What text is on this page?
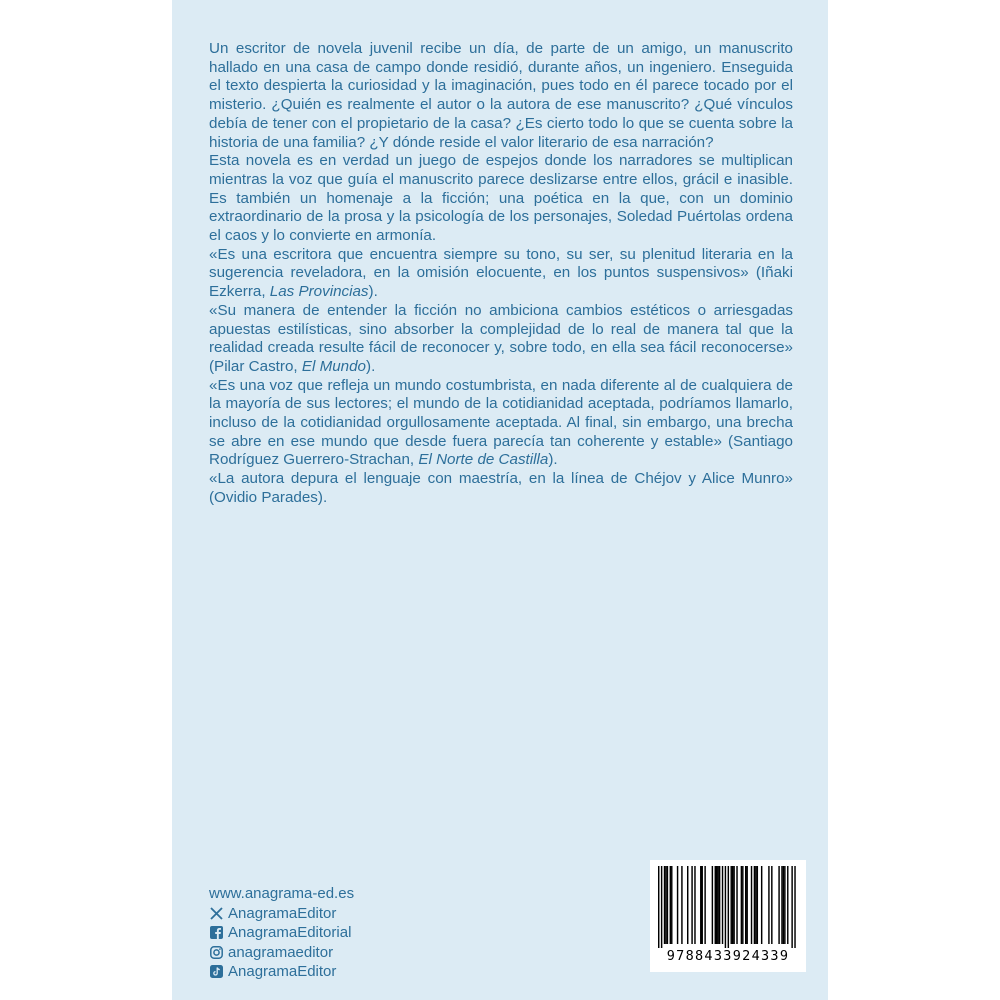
Un escritor de novela juvenil recibe un día, de parte de un amigo, un manuscrito hallado en una casa de campo donde residió, durante años, un ingeniero. Enseguida el texto despierta la curiosidad y la imaginación, pues todo en él parece tocado por el misterio. ¿Quién es realmente el autor o la autora de ese manuscrito? ¿Qué vínculos debía de tener con el propietario de la casa? ¿Es cierto todo lo que se cuenta sobre la historia de una familia? ¿Y dónde reside el valor literario de esa narración?

Esta novela es en verdad un juego de espejos donde los narradores se multiplican mientras la voz que guía el manuscrito parece deslizarse entre ellos, grácil e inasible. Es también un homenaje a la ficción; una poética en la que, con un dominio extraordinario de la prosa y la psicología de los personajes, Soledad Puértolas ordena el caos y lo convierte en armonía.

«Es una escritora que encuentra siempre su tono, su ser, su plenitud literaria en la sugerencia reveladora, en la omisión elocuente, en los puntos suspensivos» (Iñaki Ezkerra, Las Provincias).

«Su manera de entender la ficción no ambiciona cambios estéticos o arriesgadas apuestas estilísticas, sino absorber la complejidad de lo real de manera tal que la realidad creada resulte fácil de reconocer y, sobre todo, en ella sea fácil reconocerse» (Pilar Castro, El Mundo).

«Es una voz que refleja un mundo costumbrista, en nada diferente al de cualquiera de la mayoría de sus lectores; el mundo de la cotidianidad aceptada, podríamos llamarlo, incluso de la cotidianidad orgullosamente aceptada. Al final, sin embargo, una brecha se abre en ese mundo que desde fuera parecía tan coherente y estable» (Santiago Rodríguez Guerrero-Strachan, El Norte de Castilla).

«La autora depura el lenguaje con maestría, en la línea de Chéjov y Alice Munro» (Ovidio Parades).

www.anagrama-ed.es
AnagramaEditor
AnagramaEditorial
anagramaeditor
AnagramaEditor
9788433924339
